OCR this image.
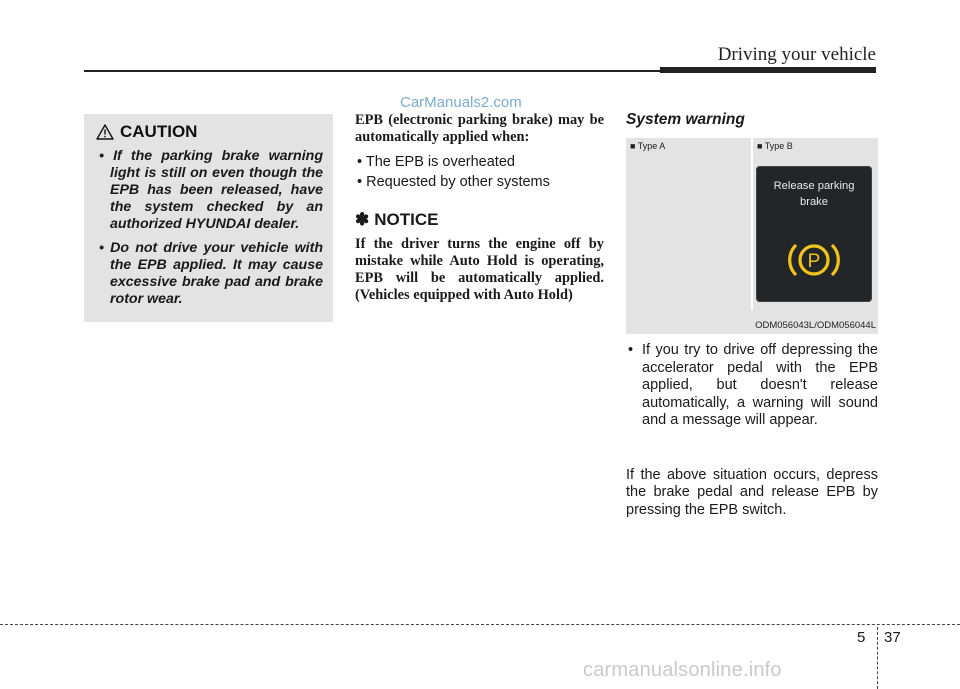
Driving your vehicle
CarManuals2.com
CAUTION
• If the parking brake warning light is still on even though the EPB has been released, have the system checked by an authorized HYUNDAI dealer.
• Do not drive your vehicle with the EPB applied. It may cause excessive brake pad and brake rotor wear.

EPB (electronic parking brake) may be automatically applied when:

• The EPB is overheated
• Requested by other systems
✽ NOTICE

If the driver turns the engine off by mistake while Auto Hold is operating, EPB will be automatically applied. (Vehicles equipped with Auto Hold)

System warning

■ Type A	■ Type B
Release parking
brake
P
ODM056043L/ODM056044L
• If you try to drive off depressing the accelerator pedal with the EPB applied, but doesn't release automatically, a warning will sound and a message will appear.

If the above situation occurs, depress the brake pedal and release EPB by pressing the EPB switch.

5 37
carmanualsonline.info
